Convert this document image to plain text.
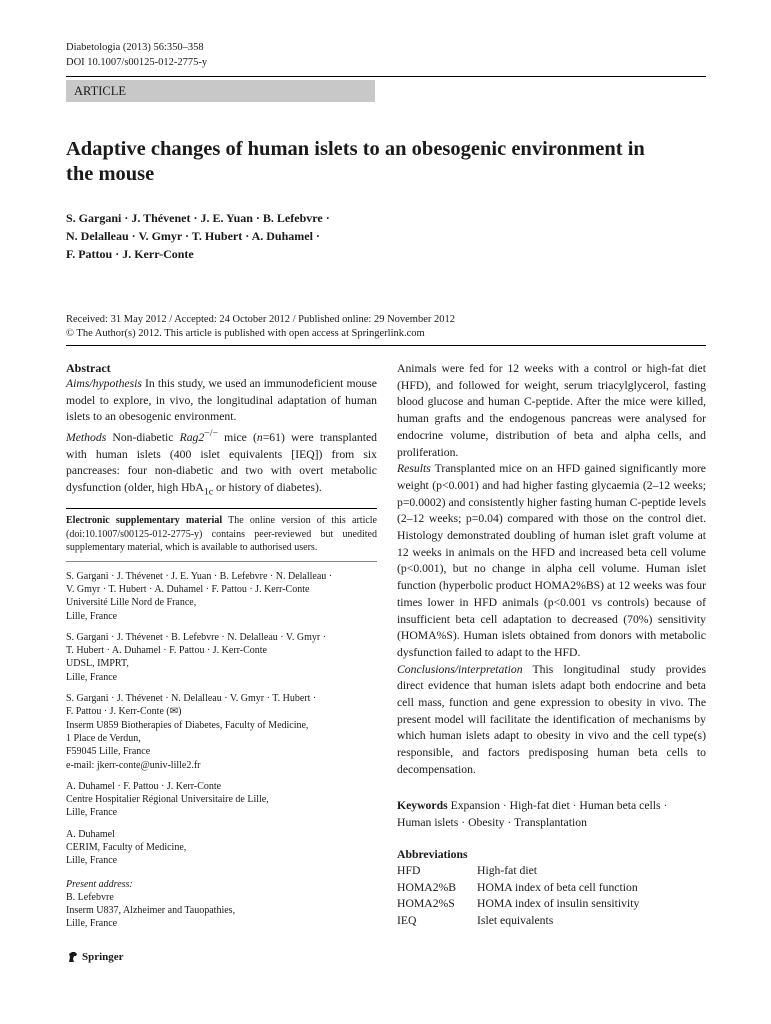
Diabetologia (2013) 56:350–358
DOI 10.1007/s00125-012-2775-y
ARTICLE
Adaptive changes of human islets to an obesogenic environment in the mouse
S. Gargani · J. Thévenet · J. E. Yuan · B. Lefebvre ·
N. Delalleau · V. Gmyr · T. Hubert · A. Duhamel ·
F. Pattou · J. Kerr-Conte
Received: 31 May 2012 / Accepted: 24 October 2012 / Published online: 29 November 2012
© The Author(s) 2012. This article is published with open access at Springerlink.com

Abstract

Aims/hypothesis In this study, we used an immunodeficient mouse model to explore, in vivo, the longitudinal adaptation of human islets to an obesogenic environment.

Methods Non-diabetic Rag2−/− mice (n=61) were transplanted with human islets (400 islet equivalents [IEQ]) from six pancreases: four non-diabetic and two with overt metabolic dysfunction (older, high HbA$_{1c}$ or history of diabetes).

Electronic supplementary material The online version of this article (doi:10.1007/s00125-012-2775-y) contains peer-reviewed but unedited supplementary material, which is available to authorised users.
S. Gargani · J. Thévenet · J. E. Yuan · B. Lefebvre · N. Delalleau ·
V. Gmyr · T. Hubert · A. Duhamel · F. Pattou · J. Kerr-Conte
Université Lille Nord de France,
Lille, France
S. Gargani · J. Thévenet · B. Lefebvre · N. Delalleau · V. Gmyr ·
T. Hubert · A. Duhamel · F. Pattou · J. Kerr-Conte
UDSL, IMPRT,
Lille, France
S. Gargani · J. Thévenet · N. Delalleau · V. Gmyr · T. Hubert ·
F. Pattou · J. Kerr-Conte (✉)
Inserm U859 Biotherapies of Diabetes, Faculty of Medicine,
1 Place de Verdun,
F59045 Lille, France
e-mail: jkerr-conte@univ-lille2.fr
A. Duhamel · F. Pattou · J. Kerr-Conte
Centre Hospitalier Régional Universitaire de Lille,
Lille, France
A. Duhamel
CERIM, Faculty of Medicine,
Lille, France
Present address:
B. Lefebvre
Inserm U837, Alzheimer and Tauopathies,
Lille, France

Animals were fed for 12 weeks with a control or high-fat diet (HFD), and followed for weight, serum triacylglycerol, fasting blood glucose and human C-peptide. After the mice were killed, human grafts and the endogenous pancreas were analysed for endocrine volume, distribution of beta and alpha cells, and proliferation.

Results Transplanted mice on an HFD gained significantly more weight (p<0.001) and had higher fasting glycaemia (2–12 weeks; p=0.0002) and consistently higher fasting human C-peptide levels (2–12 weeks; p=0.04) compared with those on the control diet. Histology demonstrated doubling of human islet graft volume at 12 weeks in animals on the HFD and increased beta cell volume (p<0.001), but no change in alpha cell volume. Human islet function (hyperbolic product HOMA2%BS) at 12 weeks was four times lower in HFD animals (p<0.001 vs controls) because of insufficient beta cell adaptation to decreased (70%) sensitivity (HOMA%S). Human islets obtained from donors with metabolic dysfunction failed to adapt to the HFD.

Conclusions/interpretation This longitudinal study provides direct evidence that human islets adapt both endocrine and beta cell mass, function and gene expression to obesity in vivo. The present model will facilitate the identification of mechanisms by which human islets adapt to obesity in vivo and the cell type(s) responsible, and factors predisposing human beta cells to decompensation.

Keywords Expansion · High-fat diet · Human beta cells ·
Human islets · Obesity · Transplantation
Abbreviations
HFD	High-fat diet
HOMA2%B	HOMA index of beta cell function
HOMA2%S	HOMA index of insulin sensitivity
IEQ	Islet equivalents
Springer
